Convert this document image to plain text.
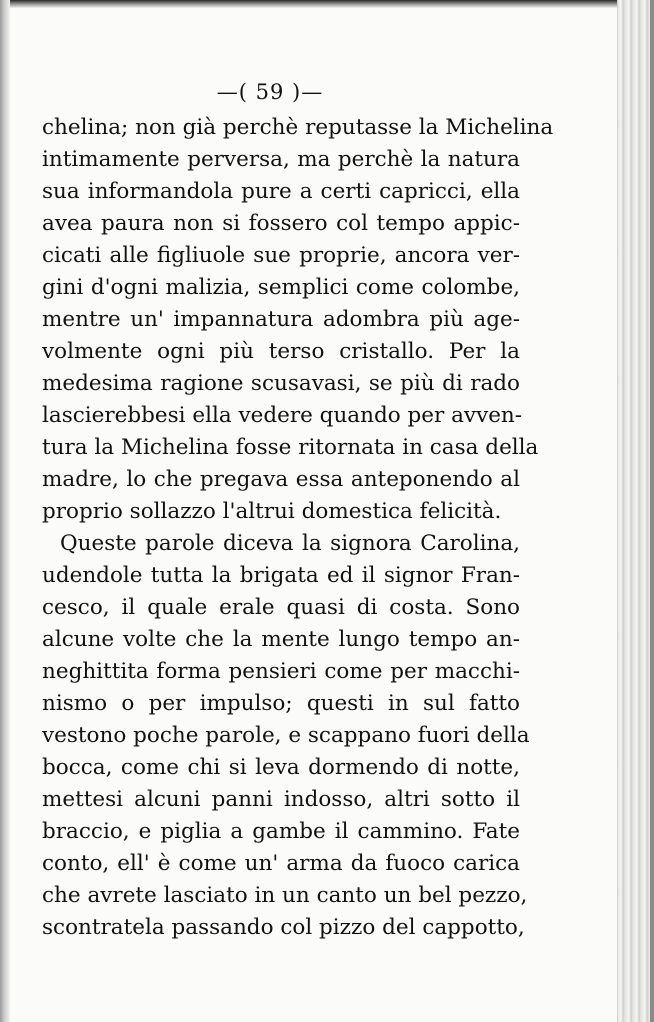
—( 59 )—
chelina; non già perchè reputasse la Michelina
intimamente perversa, ma perchè la natura
sua informandola pure a certi capricci, ella
avea paura non si fossero col tempo appic-
cicati alle figliuole sue proprie, ancora ver-
gini d'ogni malizia, semplici come colombe,
mentre un' impannatura adombra più age-
volmente ogni più terso cristallo. Per la
medesima ragione scusavasi, se più di rado
lascierebbesi ella vedere quando per avven-
tura la Michelina fosse ritornata in casa della
madre, lo che pregava essa anteponendo al
proprio sollazzo l'altrui domestica felicità.
Queste parole diceva la signora Carolina,
udendole tutta la brigata ed il signor Fran-
cesco, il quale erale quasi di costa. Sono
alcune volte che la mente lungo tempo an-
neghittita forma pensieri come per macchi-
nismo o per impulso; questi in sul fatto
vestono poche parole, e scappano fuori della
bocca, come chi si leva dormendo di notte,
mettesi alcuni panni indosso, altri sotto il
braccio, e piglia a gambe il cammino. Fate
conto, ell' è come un' arma da fuoco carica
che avrete lasciato in un canto un bel pezzo,
scontratela passando col pizzo del cappotto,
